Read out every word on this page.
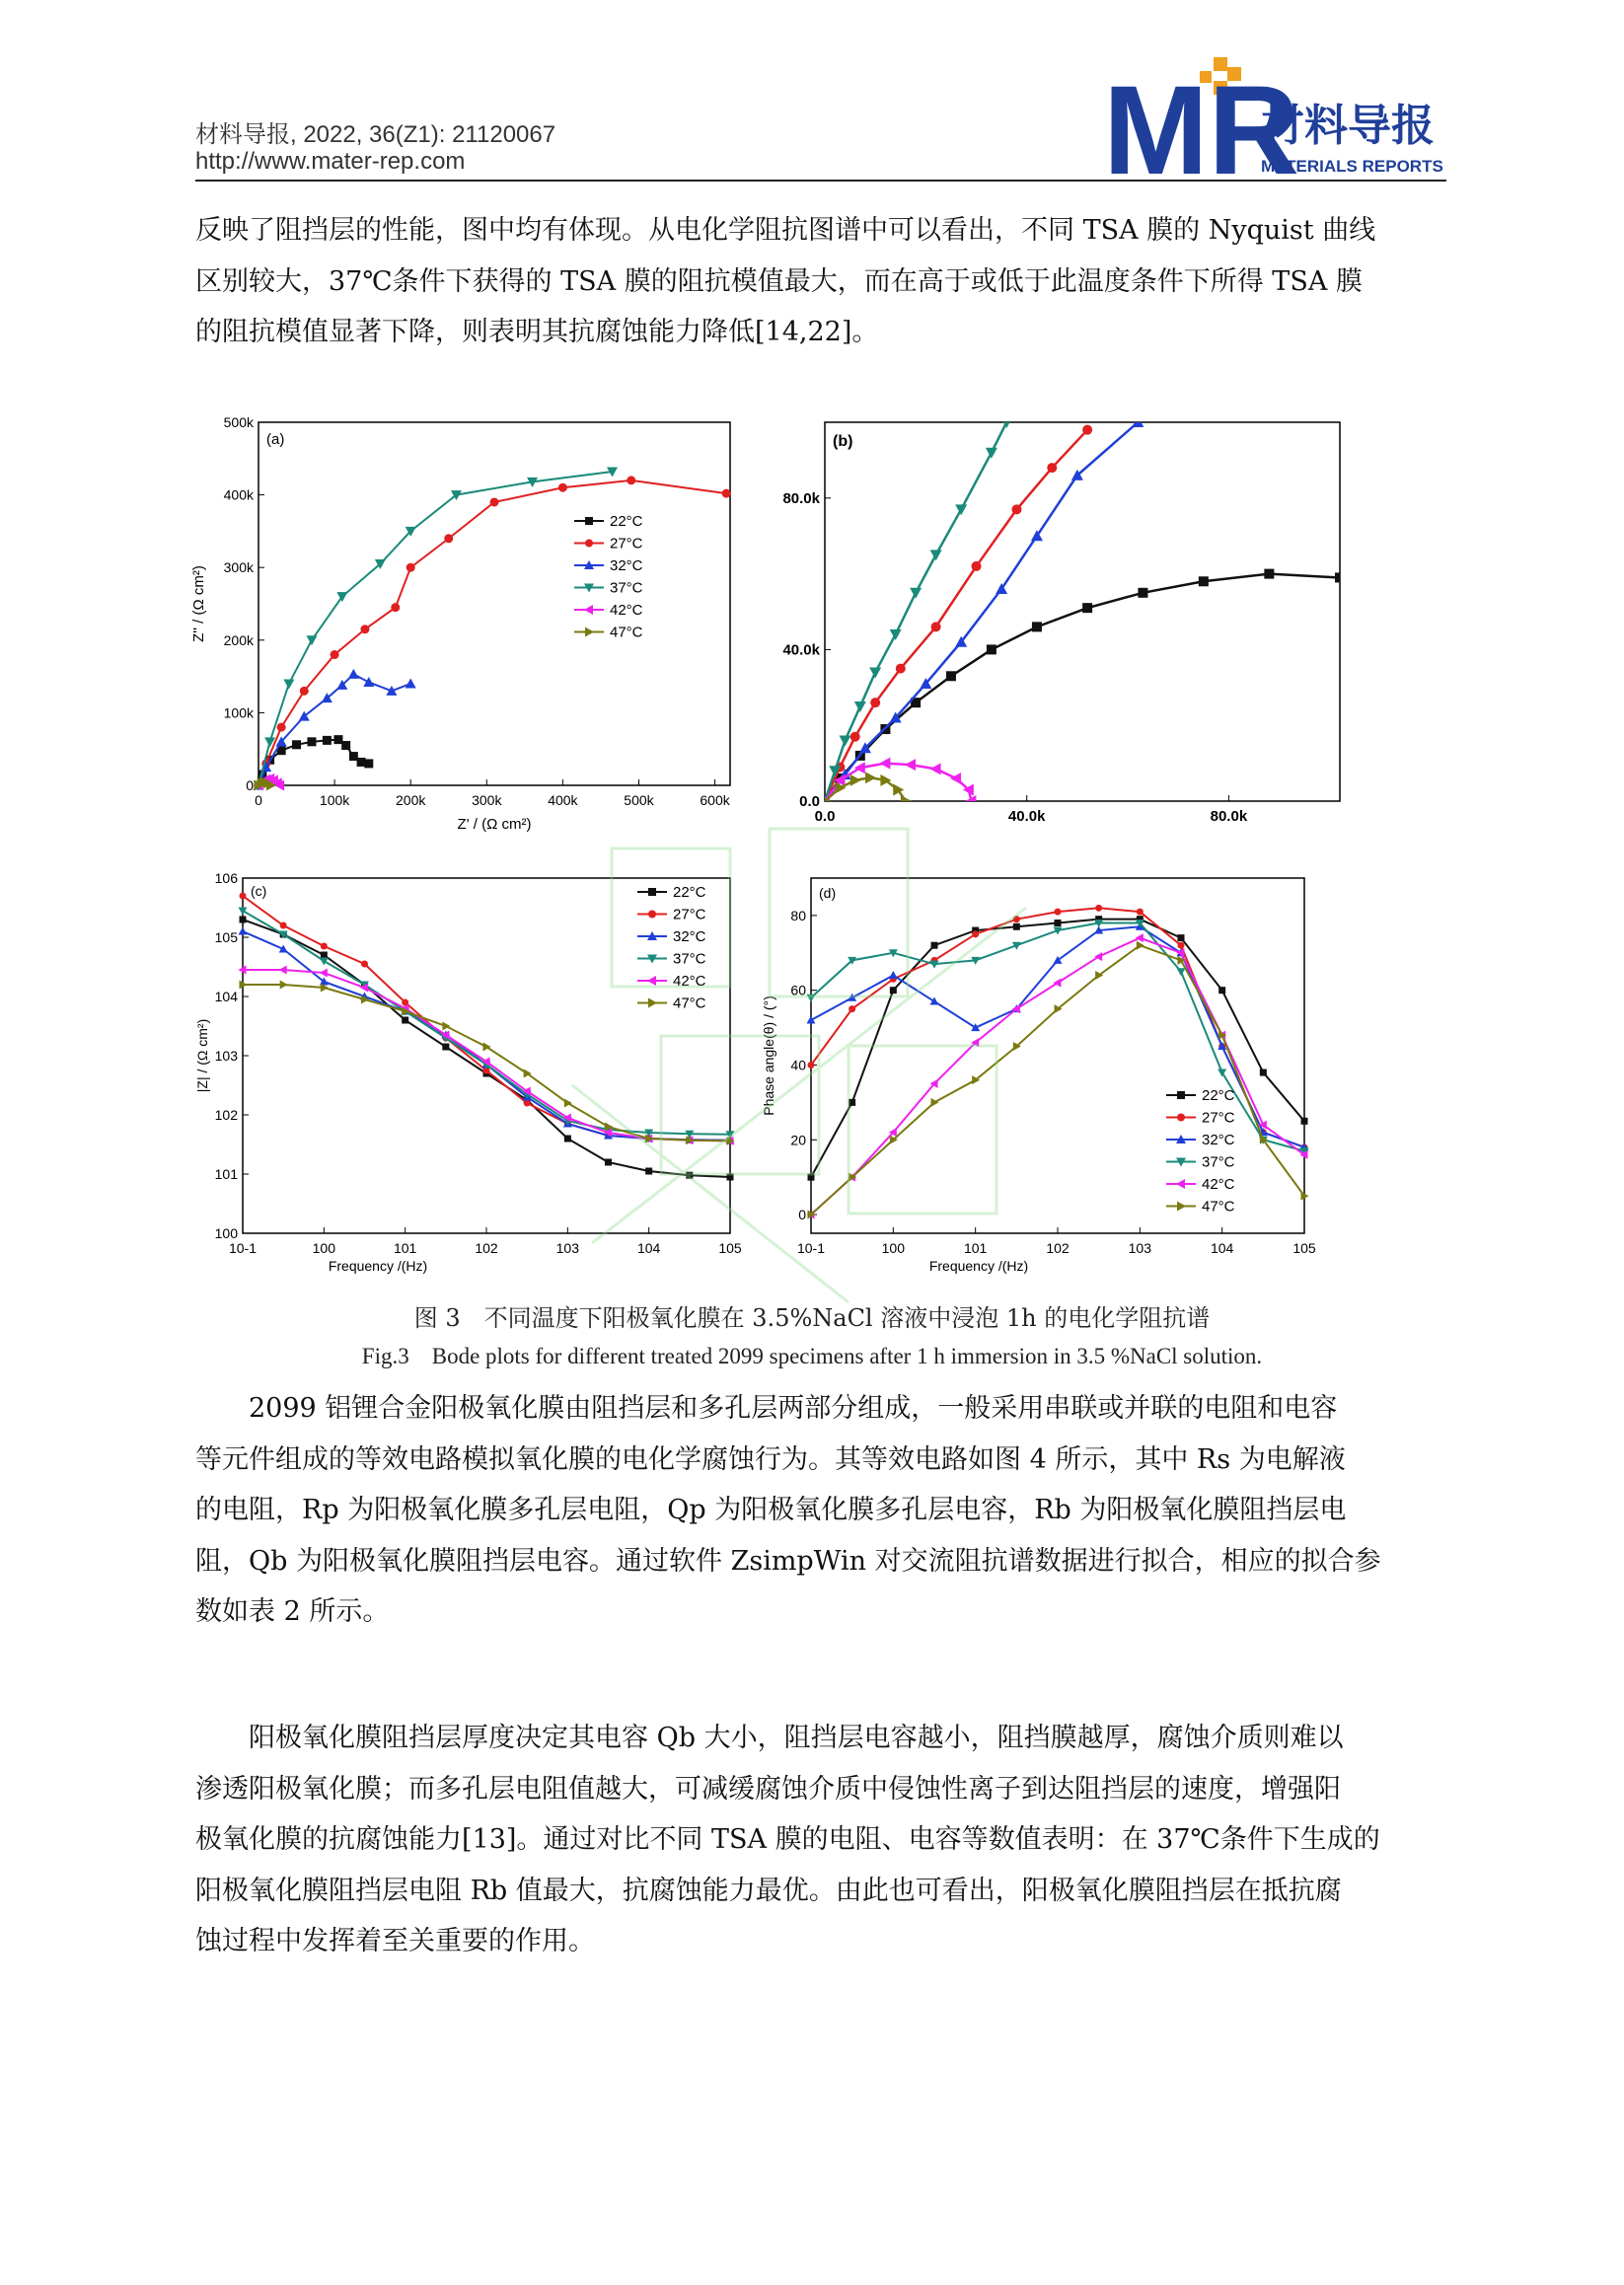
材料导报, 2022, 36(Z1): 21120067
http://www.mater-rep.com	MR
材料导报
MATERIALS REPORTS
反映了阻挡层的性能，图中均有体现。从电化学阻抗图谱中可以看出，不同 TSA 膜的 Nyquist 曲线
区别较大，37℃条件下获得的 TSA 膜的阻抗模值最大，而在高于或低于此温度条件下所得 TSA 膜
的阻抗模值显著下降，则表明其抗腐蚀能力降低[14,22]。
0	100k	200k	300k	400k	500k	600k
0
100k
200k
300k
400k
500k
(a)
Z' / (Ω cm²)
Z'' / (Ω cm²)
22°C
27°C
32°C
37°C
42°C
47°C
0.0	40.0k	80.0k
0.0
40.0k
80.0k
(b)
10-1	100	101	102	103	104	105
100
101
102
103
104
105
106
(c)
Frequency /(Hz)
|Z| / (Ω cm²)
22°C
27°C
32°C
37°C
42°C
47°C
10-1	100	101	102	103	104	105
0
20
40
60
80
(d)
Frequency /(Hz)
Phase angle(θ) / (°)	22°C
27°C
32°C
37°C
42°C
47°C
图 3　不同温度下阳极氧化膜在 3.5%NaCl 溶液中浸泡 1h 的电化学阻抗谱
Fig.3　Bode plots for different treated 2099 specimens after 1 h immersion in 3.5 %NaCl solution.
　　2099 铝锂合金阳极氧化膜由阻挡层和多孔层两部分组成，一般采用串联或并联的电阻和电容
等元件组成的等效电路模拟氧化膜的电化学腐蚀行为。其等效电路如图 4 所示，其中 Rs 为电解液
的电阻，Rp 为阳极氧化膜多孔层电阻，Qp 为阳极氧化膜多孔层电容，Rb 为阳极氧化膜阻挡层电
阻，Qb 为阳极氧化膜阻挡层电容。通过软件 ZsimpWin 对交流阻抗谱数据进行拟合，相应的拟合参
数如表 2 所示。
　　阳极氧化膜阻挡层厚度决定其电容 Qb 大小，阻挡层电容越小，阻挡膜越厚，腐蚀介质则难以
渗透阳极氧化膜；而多孔层电阻值越大，可减缓腐蚀介质中侵蚀性离子到达阻挡层的速度，增强阳
极氧化膜的抗腐蚀能力[13]。通过对比不同 TSA 膜的电阻、电容等数值表明：在 37℃条件下生成的
阳极氧化膜阻挡层电阻 Rb 值最大，抗腐蚀能力最优。由此也可看出，阳极氧化膜阻挡层在抵抗腐
蚀过程中发挥着至关重要的作用。
